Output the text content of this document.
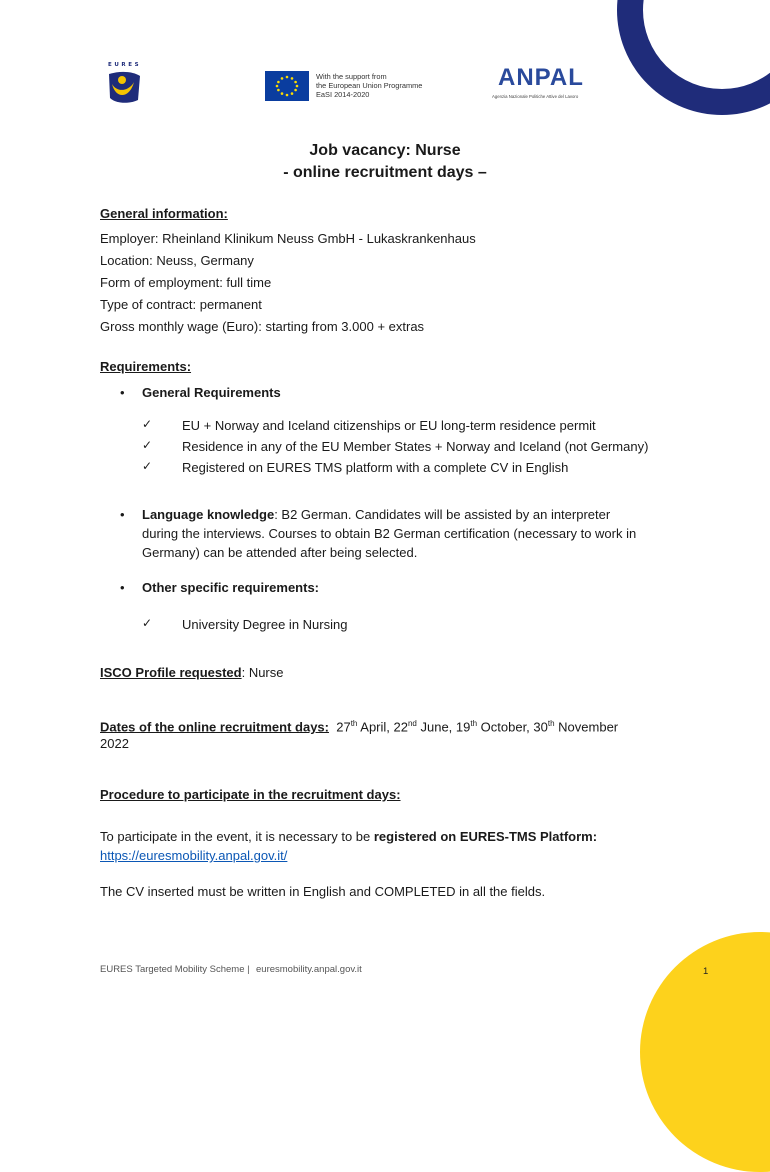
EURES
With the support from
the European Union Programme
EaSI 2014-2020
ANPAL
Agenzia Nazionale Politiche Attive del Lavoro
Job vacancy: Nurse
- online recruitment days –
General information:
Employer: Rheinland Klinikum Neuss GmbH - Lukaskrankenhaus
Location: Neuss, Germany
Form of employment: full time
Type of contract: permanent
Gross monthly wage (Euro): starting from 3.000 + extras
Requirements:
• General Requirements
✓ EU + Norway and Iceland citizenships or EU long-term residence permit
✓ Residence in any of the EU Member States + Norway and Iceland (not Germany)
✓ Registered on EURES TMS platform with a complete CV in English
• Language knowledge: B2 German. Candidates will be assisted by an interpreter
during the interviews. Courses to obtain B2 German certification (necessary to work in
Germany) can be attended after being selected.
• Other specific requirements:
✓ University Degree in Nursing
ISCO Profile requested: Nurse
Dates of the online recruitment days: 27th April, 22nd June, 19th October, 30th November
2022
Procedure to participate in the recruitment days:
To participate in the event, it is necessary to be registered on EURES-TMS Platform:
https://euresmobility.anpal.gov.it/
The CV inserted must be written in English and COMPLETED in all the fields.
EURES Targeted Mobility Scheme | euresmobility.anpal.gov.it	1
